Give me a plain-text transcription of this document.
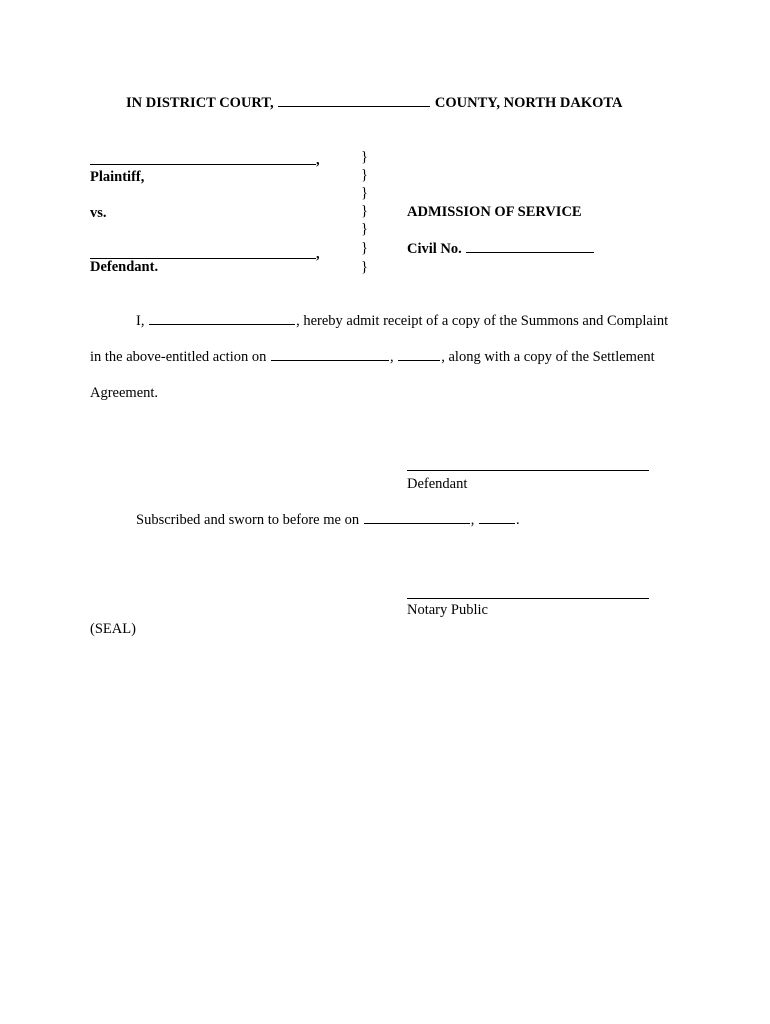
IN DISTRICT COURT,	COUNTY, NORTH DAKOTA
,
Plaintiff,
vs.
,
Defendant.
}
}
}
}
}
}
}
ADMISSION OF SERVICE
Civil No.
I,	, hereby admit receipt of a copy of the Summons and Complaint
in the above-entitled action on	,	, along with a copy of the Settlement
Agreement.
Defendant
Subscribed and sworn to before me on	,	.
Notary Public
(SEAL)
